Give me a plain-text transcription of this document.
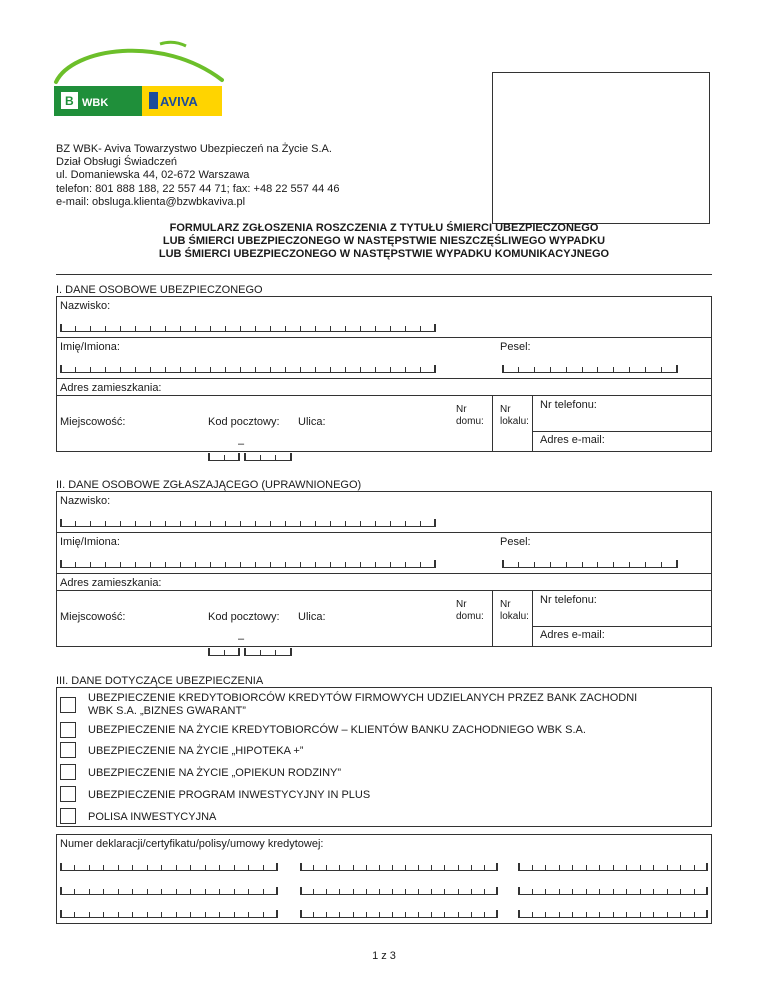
B WBK	AVIVA
BZ WBK- Aviva Towarzystwo Ubezpieczeń na Życie S.A.
Dział Obsługi Świadczeń
ul. Domaniewska 44, 02-672 Warszawa
telefon: 801 888 188, 22 557 44 71; fax: +48 22 557 44 46
e-mail: obsluga.klienta@bzwbkaviva.pl
FORMULARZ ZGŁOSZENIA ROSZCZENIA Z TYTUŁU ŚMIERCI UBEZPIECZONEGO
LUB ŚMIERCI UBEZPIECZONEGO W NASTĘPSTWIE NIESZCZĘŚLIWEGO WYPADKU
LUB ŚMIERCI UBEZPIECZONEGO W NASTĘPSTWIE WYPADKU KOMUNIKACYJNEGO
I. DANE OSOBOWE UBEZPIECZONEGO
Nazwisko:
Imię/Imiona:	Pesel:
Adres zamieszkania:
Miejscowość:	Kod pocztowy: Ulica:
Nr
domu:
Nr
lokalu:
Nr telefonu:
Adres e-mail:
–
II. DANE OSOBOWE ZGŁASZAJĄCEGO (UPRAWNIONEGO)
Nazwisko:
Imię/Imiona:	Pesel:
Adres zamieszkania:
Miejscowość:	Kod pocztowy: Ulica:
Nr
domu:
Nr
lokalu:
Nr telefonu:
Adres e-mail:
–
III. DANE DOTYCZĄCE UBEZPIECZENIA
UBEZPIECZENIE KREDYTOBIORCÓW KREDYTÓW FIRMOWYCH UDZIELANYCH PRZEZ BANK ZACHODNI WBK S.A. „BIZNES GWARANT”
UBEZPIECZENIE NA ŻYCIE KREDYTOBIORCÓW – KLIENTÓW BANKU ZACHODNIEGO WBK S.A.
UBEZPIECZENIE NA ŻYCIE „HIPOTEKA +”
UBEZPIECZENIE NA ŻYCIE „OPIEKUN RODZINY”
UBEZPIECZENIE PROGRAM INWESTYCYJNY IN PLUS
POLISA INWESTYCYJNA
Numer deklaracji/certyfikatu/polisy/umowy kredytowej:
1 z 3
